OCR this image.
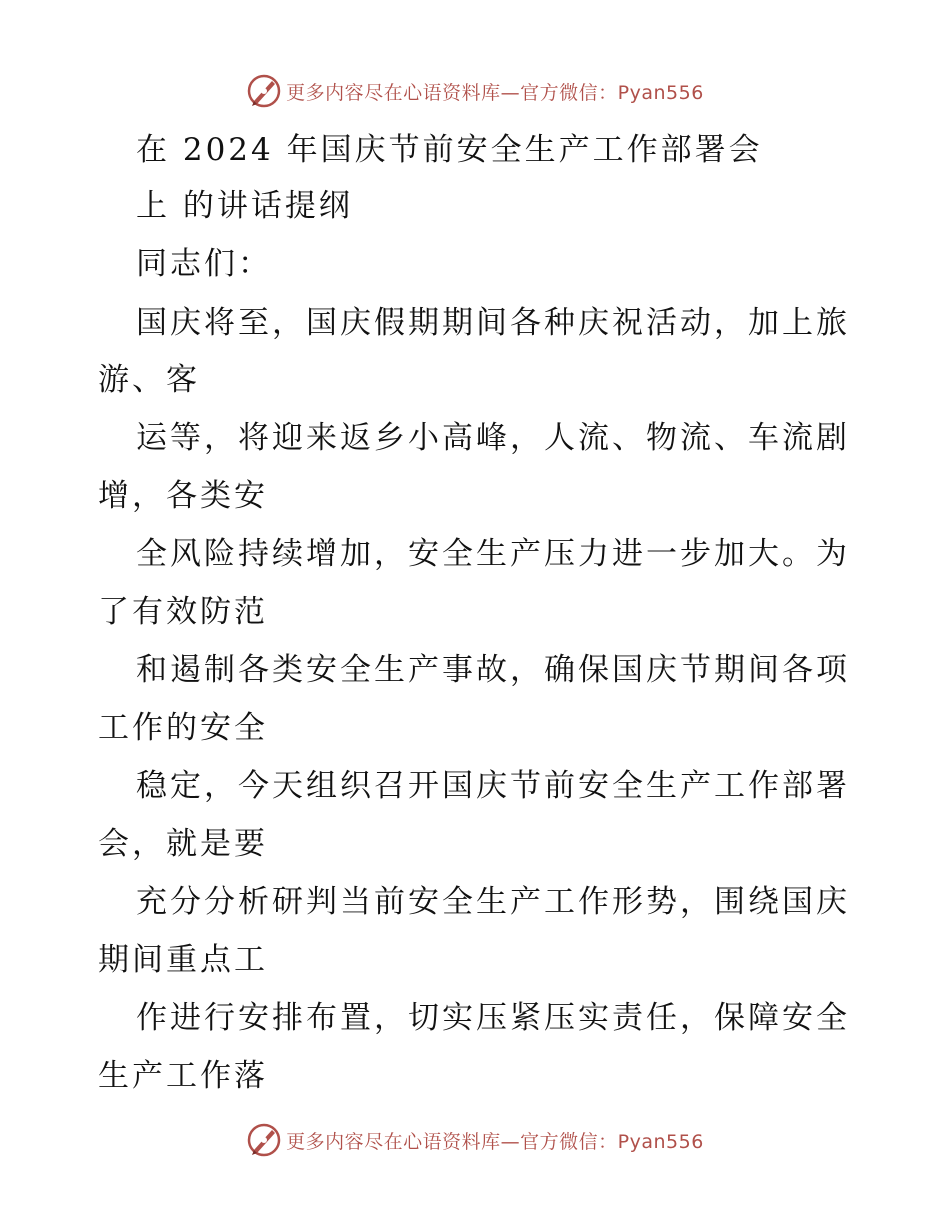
更多内容尽在心语资料库—官方微信：Pyan556
在 2024 年国庆节前安全生产工作部署会
上 的讲话提纲
同志们：
国庆将至，国庆假期期间各种庆祝活动，加上旅
游、客
运等，将迎来返乡小高峰，人流、物流、车流剧
增，各类安
全风险持续增加，安全生产压力进一步加大。为
了有效防范
和遏制各类安全生产事故，确保国庆节期间各项
工作的安全
稳定，今天组织召开国庆节前安全生产工作部署
会，就是要
充分分析研判当前安全生产工作形势，围绕国庆
期间重点工
作进行安排布置，切实压紧压实责任，保障安全
生产工作落
更多内容尽在心语资料库—官方微信：Pyan556
